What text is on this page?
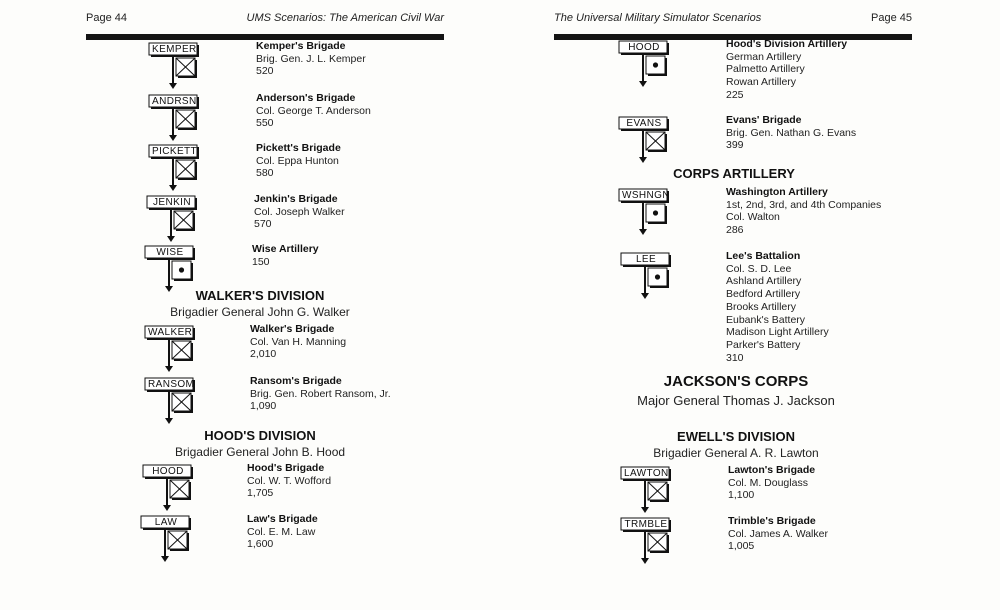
Page 44	UMS Scenarios: The American Civil War	The Universal Military Simulator Scenarios	Page 45
KEMPER	Kemper's Brigade
Brig. Gen. J. L. Kemper
520
ANDRSN	Anderson's Brigade
Col. George T. Anderson
550
PICKETT	Pickett's Brigade
Col. Eppa Hunton
580
JENKIN	Jenkin's Brigade
Col. Joseph Walker
570
WISE	Wise Artillery
150
WALKER'S DIVISION
Brigadier General John G. Walker
WALKER	Walker's Brigade
Col. Van H. Manning
2,010
RANSOM	Ransom's Brigade
Brig. Gen. Robert Ransom, Jr.
1,090
HOOD'S DIVISION
Brigadier General John B. Hood
HOOD	Hood's Brigade
Col. W. T. Wofford
1,705
LAW	Law's Brigade
Col. E. M. Law
1,600
HOOD	Hood's Division Artillery
German Artillery
Palmetto Artillery
Rowan Artillery
225
EVANS	Evans' Brigade
Brig. Gen. Nathan G. Evans
399
CORPS ARTILLERY
WSHNGN	Washington Artillery
1st, 2nd, 3rd, and 4th Companies
Col. Walton
286
LEE	Lee's Battalion
Col. S. D. Lee
Ashland Artillery
Bedford Artillery
Brooks Artillery
Eubank's Battery
Madison Light Artillery
Parker's Battery
310
JACKSON'S CORPS
Major General Thomas J. Jackson
EWELL'S DIVISION
Brigadier General A. R. Lawton
LAWTON	Lawton's Brigade
Col. M. Douglass
1,100
TRMBLE	Trimble's Brigade
Col. James A. Walker
1,005
